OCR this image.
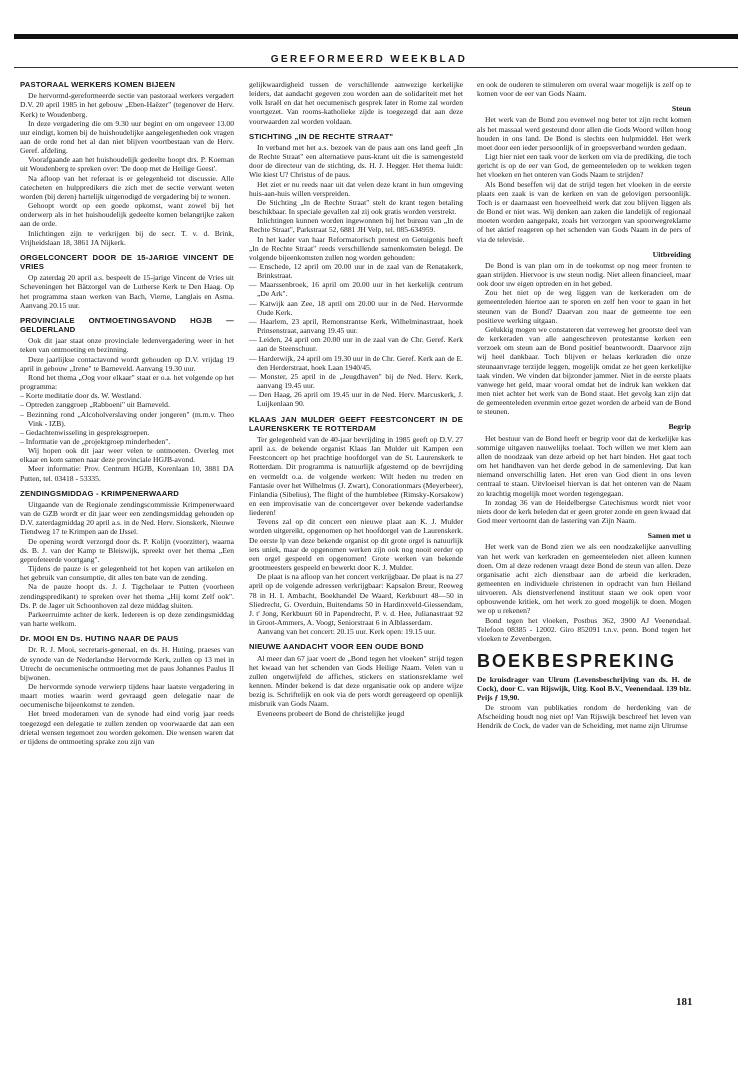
GEREFORMEERD WEEKBLAD
PASTORAAL WERKERS KOMEN BIJEEN

De hervormd-gereformeerde sectie van pastoraal werkers vergadert D.V. 20 april 1985 in het gebouw „Eben-Haëzer" (tegenover de Herv. Kerk) te Woudenberg.

In deze vergadering die om 9.30 uur begint en om ongeveer 13.00 uur eindigt, komen bij de huishoudelijke aangelegenheden ook vragen aan de orde rond het al dan niet blijven voortbestaan van de Herv. Geref. afdeling.

Voorafgaande aan het huishoudelijk gedeelte hoopt drs. P. Koeman uit Woudenberg te spreken over: 'De doop met de Heilige Geest'.

Na afloop van het referaat is er gelegenheid tot discussie. Alle catecheten en hulppredikers die zich met de sectie verwant weten worden (bij deren) hartelijk uitgenodigd de vergadering bij te wonen.

Gehoopt wordt op een goede opkomst, want zowel bij het onderwerp als in het huishoudelijk gedeelte komen belangrijke zaken aan de orde.

Inlichtingen zijn te verkrijgen bij de secr. T. v. d. Brink, Vrijheidslaan 18, 3861 JA Nijkerk.

ORGELCONCERT DOOR DE 15-JARIGE VINCENT DE VRIES

Op zaterdag 20 april a.s. bespeelt de 15-jarige Vincent de Vries uit Scheveningen het Bätzorgel van de Lutherse Kerk te Den Haag. Op het programma staan werken van Bach, Vierne, Langlais en Asma. Aanvang 20.15 uur.

PROVINCIALE ONTMOETINGSAVOND HGJB — GELDERLAND

Ook dit jaar staat onze provinciale ledenvergadering weer in het teken van ontmoeting en bezinning.

Deze jaarlijkse contactavond wordt gehouden op D.V. vrijdag 19 april in gebouw „Irene" te Barneveld. Aanvang 19.30 uur.

Rond het thema „Oog voor elkaar" staat er o.a. het volgende op het programma:

– Korte meditatie door ds. W. Westland.
– Optreden zanggroep „Rabboeni" uit Barneveld.
– Bezinning rond „Alcoholverslaving onder jongeren" (m.m.v. Theo Vink - IZB).
– Gedachtenwisseling in gespreksgroepen.
– Informatie van de „projektgroep minderheden".

Wij hopen ook dit jaar weer velen te ontmoeten. Overleg met elkaar en kom samen naar deze provinciale HGJB-avond.

Meer informatie: Prov. Centrum HGJB, Korenlaan 10, 3881 DA Putten, tel. 03418 - 53335.

ZENDINGSMIDDAG - KRIMPENERWAARD

Uitgaande van de Regionale zendingscommissie Krimpenerwaard van de GZB wordt er dit jaar weer een zendingsmiddag gehouden op D.V. zaterdagmiddag 20 april a.s. in de Ned. Herv. Sionskerk, Nieuwe Tiendweg 17 te Krimpen aan de IJssel.

De opening wordt verzorgd door ds. P. Kolijn (voorzitter), waarna ds. B. J. van der Kamp te Bleiswijk, spreekt over het thema „Een geprofeteerde voortgang".

Tijdens de pauze is er gelegenheid tot het kopen van artikelen en het gebruik van consumptie, dit alles ten bate van de zending.

Na de pauze hoopt ds. J. J. Tigchelaar te Putten (voorheen zendingspredikant) te spreken over het thema „Hij komt Zelf ook". Ds. P. de Jager uit Schoonhoven zal deze middag sluiten.

Parkeerruimte achter de kerk. Iedereen is op deze zendingsmiddag van harte welkom.

Dr. MOOI EN Ds. HUTING NAAR DE PAUS

Dr. R. J. Mooi, secretaris-generaal, en ds. H. Huting, praeses van de synode van de Nederlandse Hervormde Kerk, zullen op 13 mei in Utrecht de oecumenische ontmoeting met de paus Johannes Paulus II bijwonen.

De hervormde synode verwierp tijdens haar laatste vergadering in maart moties waarin werd gevraagd geen delegatie naar de oecumenische bijeenkomst te zenden.

Het breed moderamen van de synode had eind vorig jaar reeds toegezegd een delegatie te zullen zenden op voorwaarde dat aan een drietal wensen tegemoet zou worden gekomen. Die wensen waren dat er tijdens de ontmoeting sprake zou zijn van

gelijkwaardigheid tussen de verschillende aanwezige kerkelijke leiders, dat aandacht gegeven zou worden aan de solidariteit met het volk Israël en dat het oecumenisch gesprek later in Rome zal worden voortgezet. Van rooms-katholieke zijde is toegezegd dat aan deze voorwaarden zal worden voldaan.

STICHTING „IN DE RECHTE STRAAT"

In verband met het a.s. bezoek van de paus aan ons land geeft „In de Rechte Straat" een alternatieve paus-krant uit die is samengesteld door de directeur van de stichting, ds. H. J. Hegger. Het thema luidt: Wie kiest U? Christus of de paus.

Het ziet er nu reeds naar uit dat velen deze krant in hun omgeving huis-aan-huis willen verspreiden.

De Stichting „In de Rechte Straat" stelt de krant tegen betaling beschikbaar. In speciale gevallen zal zij ook gratis worden verstrekt.

Inlichtingen kunnen worden ingewonnen bij het bureau van „In de Rechte Straat", Parkstraat 52, 6881 JH Velp, tel. 085-634959.

In het kader van haar Reformatorisch protest en Getuigenis heeft „In de Rechte Straat" reeds verschillende samenkomsten belegd. De volgende bijeenkomsten zullen nog worden gehouden:

— Enschede, 12 april om 20.00 uur in de zaal van de Renatakerk, Brinkstraat.
— Maarssenbroek, 16 april om 20.00 uur in het kerkelijk centrum „De Ark".
— Katwijk aan Zee, 18 april om 20.00 uur in de Ned. Hervormde Oude Kerk.
— Haarlem, 23 april, Remonstrantse Kerk, Wilhelminastraat, hoek Prinsenstraat, aanvang 19.45 uur.
— Leiden, 24 april om 20.00 uur in de zaal van de Chr. Geref. Kerk aan de Steenschuur.
— Harderwijk, 24 april om 19.30 uur in de Chr. Geref. Kerk aan de E. den Herderstraat, hoek Laan 1940/45.
— Monster, 25 april in de „Jeugdhaven" bij de Ned. Herv. Kerk, aanvang 19.45 uur.
— Den Haag, 26 april om 19.45 uur in de Ned. Herv. Marcuskerk, J. Luijkenlaan 90.
KLAAS JAN MULDER GEEFT FEESTCONCERT IN DE LAURENSKERK TE ROTTERDAM

Ter gelegenheid van de 40-jaar bevrijding in 1985 geeft op D.V. 27 april a.s. de bekende organist Klaas Jan Mulder uit Kampen een Feestconcert op het prachtige hoofdorgel van de St. Laurenskerk te Rotterdam. Dit programma is natuurlijk afgestemd op de bevrijding en vermeldt o.a. de volgende werken: Wilt heden nu treden en Fantasie over het Wilhelmus (J. Zwart), Conorationmars (Meyerbeer), Finlandia (Sibelius), The flight of the humblebee (Rimsky-Korsakow) en een improvisatie van de concertgever over bekende vaderlandse liederen!

Tevens zal op dit concert een nieuwe plaat aan K. J. Mulder worden uitgereikt, opgenomen op het hoofdorgel van de Laurenskerk. De eerste lp van deze bekende organist op dit grote orgel is natuurlijk iets uniek, maar de opgenomen werken zijn ook nog nooit eerder op een orgel gespeeld en opgenomen! Grote werken van bekende grootmeesters gespeeld en bewerkt door K. J. Mulder.

De plaat is na afloop van het concert verkrijgbaar. De plaat is na 27 april op de volgende adressen verkrijgbaar: Kapsalon Breur, Reeweg 78 in H. I. Ambacht, Boekhandel De Waard, Kerkbuurt 48—50 in Sliedrecht, G. Overduin, Buitendams 50 in Hardinxveld-Giessendam, J. t' Jong, Kerkbuurt 60 in Papendrecht, P. v. d. Hee, Julianastraat 92 in Groot-Ammers, A. Voogt, Seniorstraat 6 in Alblasserdam.

Aanvang van het concert: 20.15 uur. Kerk open: 19.15 uur.

NIEUWE AANDACHT VOOR EEN OUDE BOND

Al meer dan 67 jaar voert de „Bond tegen het vloeken" strijd tegen het kwaad van het schenden van Gods Heilige Naam. Velen van u zullen ongetwijfeld de affiches, stickers en stationsreklame wel kennen. Minder bekend is dat deze organisatie ook op andere wijze bezig is. Schriftelijk en ook via de pers wordt gereageerd op openlijk misbruik van Gods Naam.

Eveneens probeert de Bond de christelijke jeugd

en ook de ouderen te stimuleren om overal waar mogelijk is zelf op te komen voor de eer van Gods Naam.

Steun

Het werk van de Bond zou evenwel nog beter tot zijn recht komen als het massaal werd gesteund door allen die Gods Woord willen hoog houden in ons land. De Bond is slechts een hulpmiddel. Het werk moet door een ieder persoonlijk of in groepsverband worden gedaan.

Ligt hier niet een taak voor de kerken om via de prediking, die toch gericht is op de eer van God, de gemeenteleden op te wekken tegen het vloeken en het onteren van Gods Naam te strijden?

Als Bond beseffen wij dat de strijd tegen het vloeken in de eerste plaats een zaak is van de kerken en van de gelovigen persoonlijk. Toch is er daarnaast een hoeveelheid werk dat zou blijven liggen als de Bond er niet was. Wij denken aan zaken die landelijk of regionaal moeten worden aangepakt, zoals het verzorgen van spoorwegreklame of het aktief reageren op het schenden van Gods Naam in de pers of via de televisie.

Uitbreiding

De Bond is van plan om in de toekomst op nog meer fronten te gaan strijden. Hiervoor is uw steun nodig. Niet alleen financieel, maar ook door uw eigen optreden en in het gebed.

Zou het niet op de weg liggen van de kerkeraden om de gemeenteleden hiertoe aan te sporen en zelf hen voor te gaan in het steunen van de Bond? Daarvan zou naar de gemeente toe een positieve werking uitgaan.

Gelukkig mogen we constateren dat verreweg het grootste deel van de kerkeraden van alle aangeschreven protestantse kerken een verzoek om steun aan de Bond positief beantwoordt. Daarvoor zijn wij heel dankbaar. Toch blijven er helaas kerkraden die onze steunaanvrage terzijde leggen, mogelijk omdat ze het geen kerkelijke taak vinden. We vinden dat bijzonder jammer. Niet in de eerste plaats vanwege het geld, maar vooral omdat het de indruk kan wekken dat men niet achter het werk van de Bond staat. Het gevolg kan zijn dat de gemeenteleden evenmin ertoe gezet worden de arbeid van de Bond te steunen.

Begrip

Het bestuur van de Bond heeft er begrip voor dat de kerkelijke kas sommige uitgaven nauwelijks toelaat. Toch willen we met klem aan allen de noodzaak van deze arbeid op het hart binden. Het gaat toch om het handhaven van het derde gebod in de samenleving. Dat kan niemand onverschillig laten. Het eren van God dient in ons leven centraal te staan. Uitvloeisel hiervan is dat het onteren van de Naam zo krachtig mogelijk moet worden tegengegaan.

In zondag 36 van de Heidelbergse Catechismus wordt niet voor niets door de kerk beleden dat er geen groter zonde en geen kwaad dat God meer vertoornt dan de lastering van Zijn Naam.

Samen met u

Het werk van de Bond zien we als een noodzakelijke aanvulling van het werk van kerkraden en gemeenteleden niet alleen kunnen doen. Om al deze redenen vraagt deze Bond de steun van allen. Deze organisatie acht zich dienstbaar aan de arbeid die kerkraden, gemeenten en individuele christenen in opdracht van hun Heiland uitvoeren. Als dienstverlenend instituut staan we ook open voor opbouwende kritiek, om het werk zo goed mogelijk te doen. Mogen we op u rekenen?

Bond tegen het vloeken, Postbus 362, 3900 AJ Veenendaal. Telefoon 08385 - 12002. Giro 852091 t.n.v. penn. Bond tegen het vloeken te Zevenbergen.

BOEKBESPREKING

De kruisdrager van Ulrum (Levensbeschrijving van ds. H. de Cock), door C. van Rijswijk, Uitg. Kool B.V., Veenendaal. 139 blz. Prijs ƒ 19,90.

De stroom van publikaties rondom de herdenking van de Afscheiding houdt nog niet op! Van Rijswijk beschreef het leven van Hendrik de Cock, de vader van de Scheiding, met name zijn Ulrumse

181
